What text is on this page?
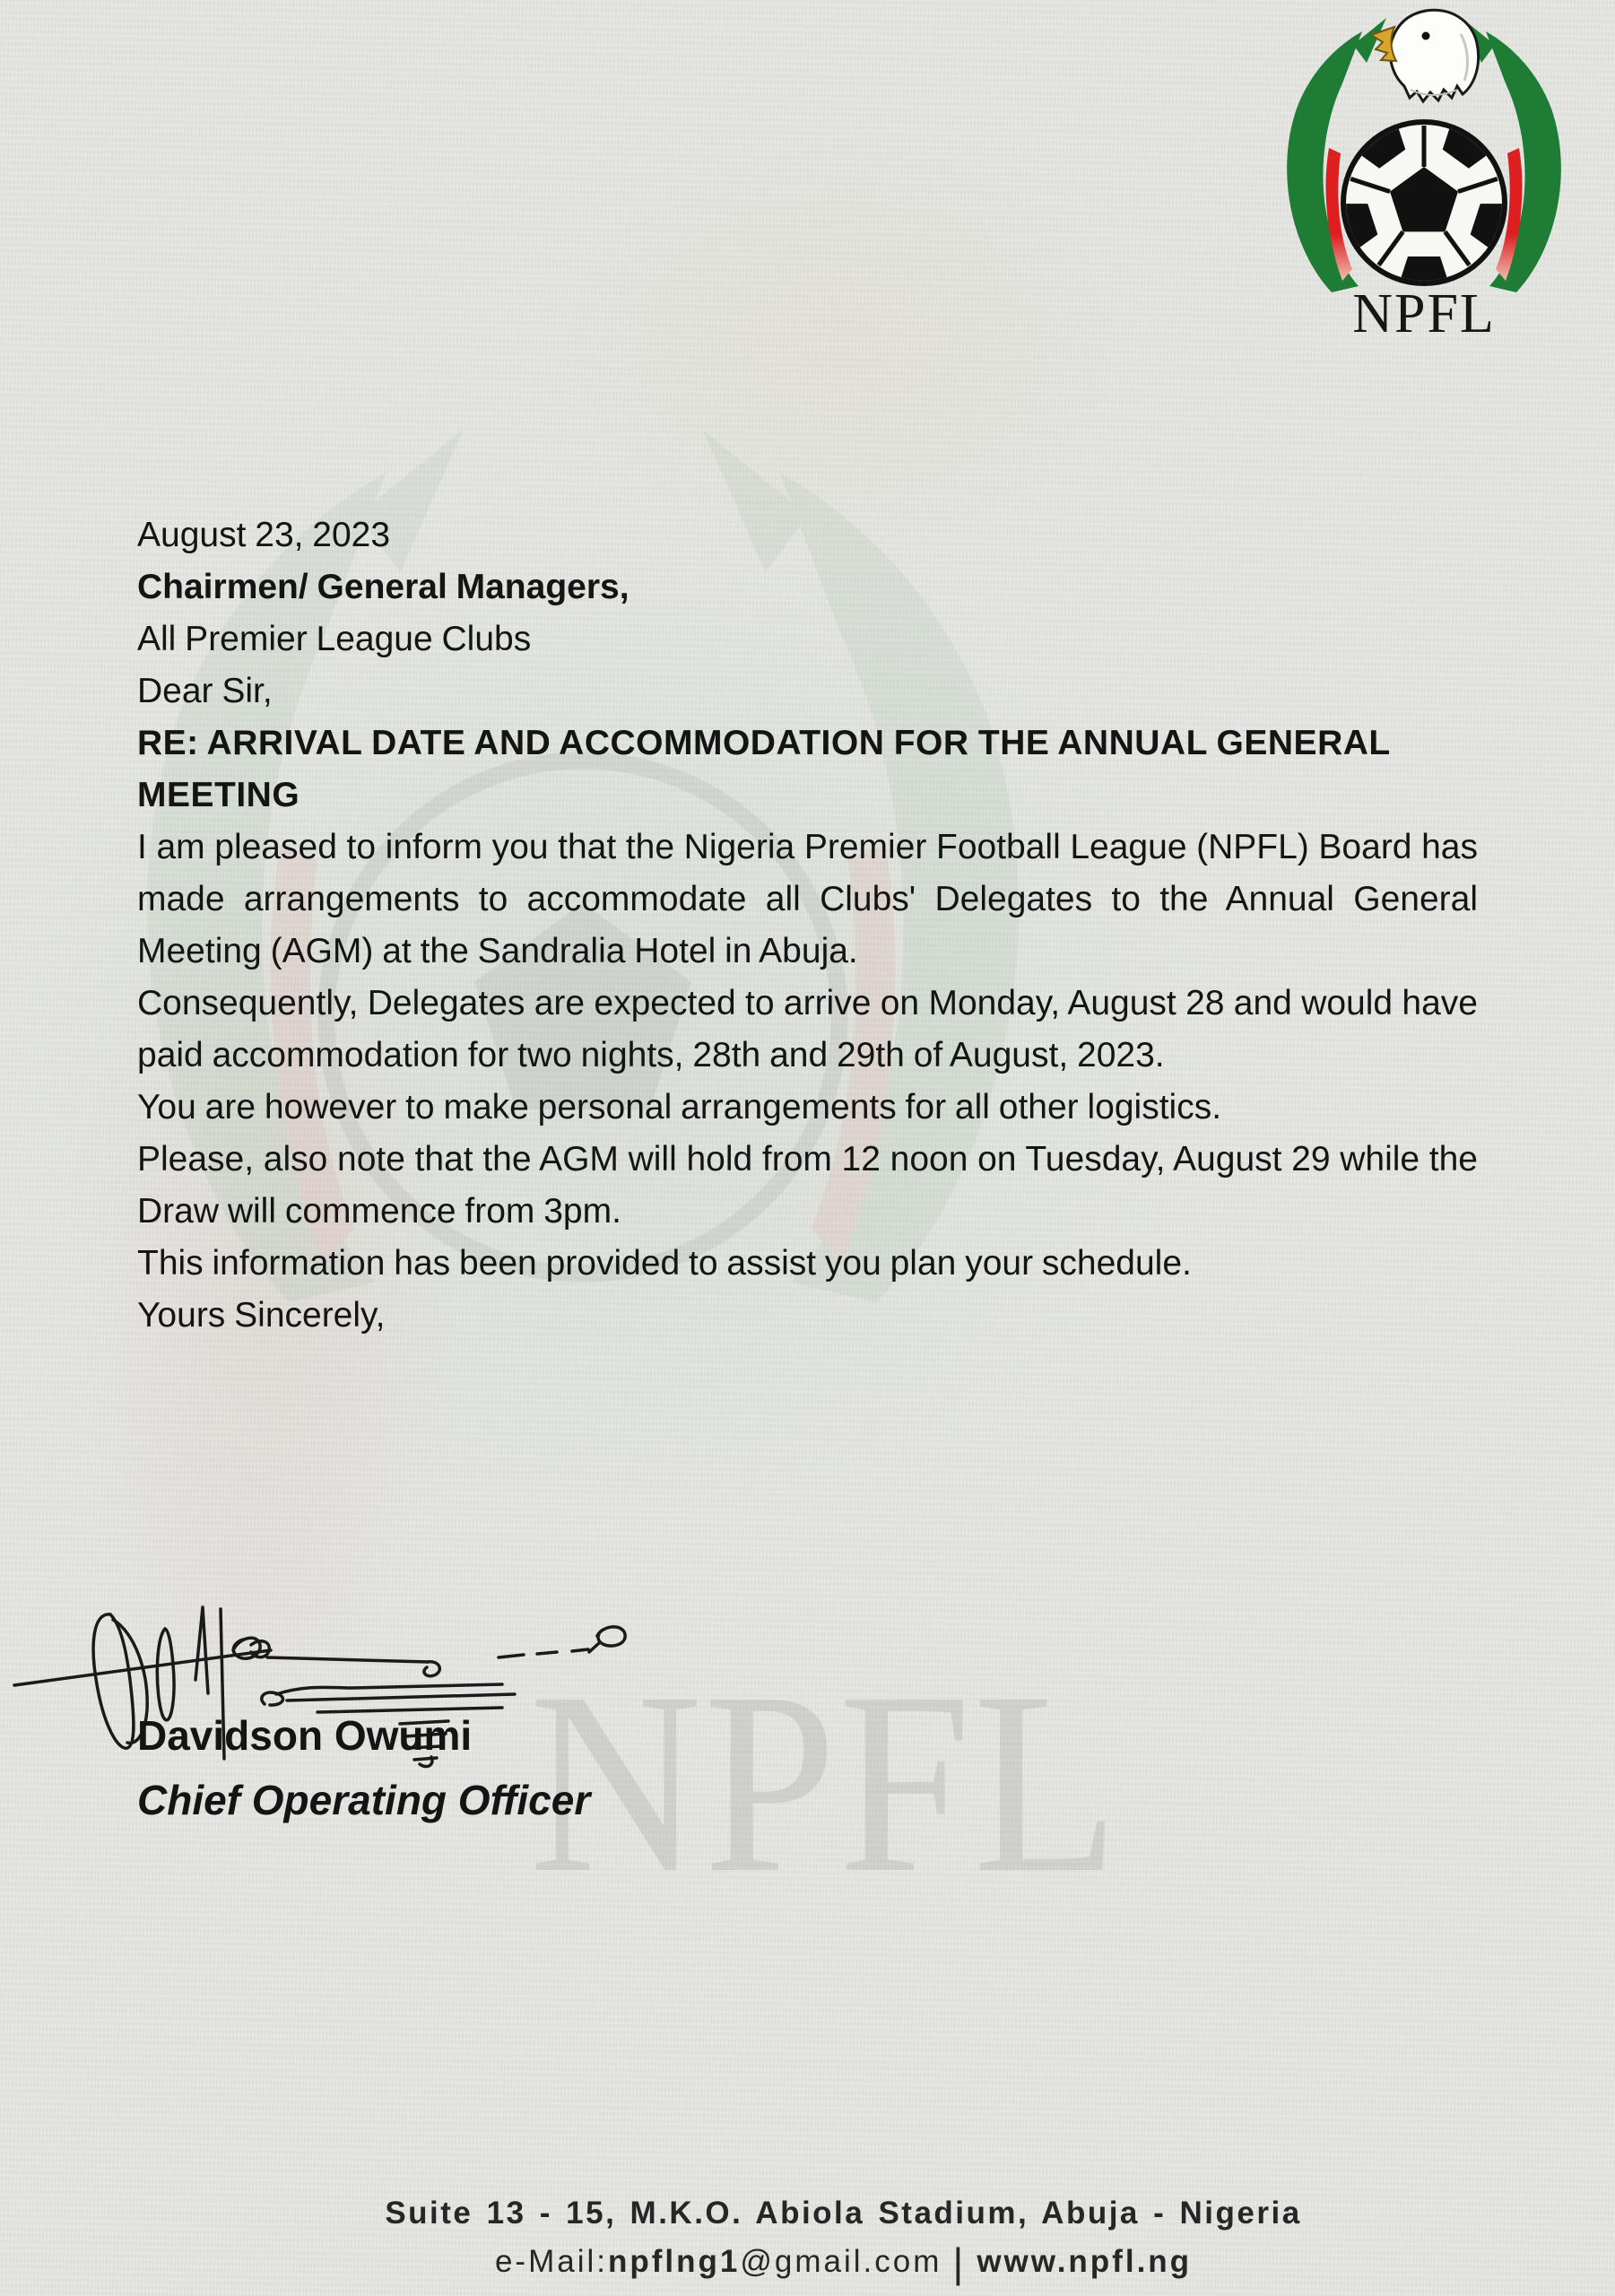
NPFL
NPFL

August 23, 2023

Chairmen/ General Managers,

All Premier League Clubs

Dear Sir,

RE: ARRIVAL DATE AND ACCOMMODATION FOR THE ANNUAL GENERAL MEETING

I am pleased to inform you that the Nigeria Premier Football League (NPFL) Board has made arrangements to accommodate all Clubs' Delegates to the Annual General Meeting (AGM) at the Sandralia Hotel in Abuja.

Consequently, Delegates are expected to arrive on Monday, August 28 and would have paid accommodation for two nights, 28th and 29th of August, 2023.

You are however to make personal arrangements for all other logistics.

Please, also note that the AGM will hold from 12 noon on Tuesday, August 29 while the Draw will commence from 3pm.

This information has been provided to assist you plan your schedule.

Yours Sincerely,

Davidson Owumi
Chief Operating Officer
Suite 13 - 15, M.K.O. Abiola Stadium, Abuja - Nigeria
e-Mail:npflng1@gmail.com | www.npfl.ng
